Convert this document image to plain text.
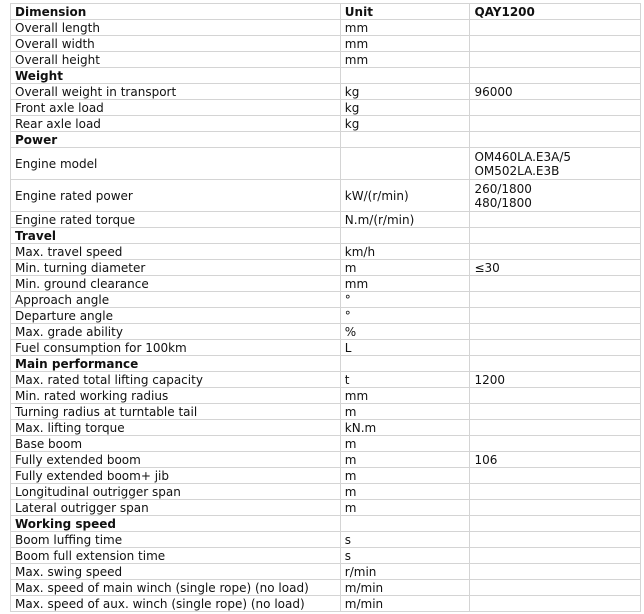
Dimension	Unit	QAY1200
Overall length	mm	

Overall width	mm	

Overall height	mm	

Weight		
Overall weight in transport	kg	96000

Front axle load	kg	

Rear axle load	kg	

Power		
Engine model		OM460LA.E3A/5
OM502LA.E3B

Engine rated power	kW/(r/min)	260/1800
480/1800

Engine rated torque	N.m/(r/min)	

Travel		
Max. travel speed	km/h	

Min. turning diameter	m	≤30

Min. ground clearance	mm	

Approach angle	°	

Departure angle	°	

Max. grade ability	%	

Fuel consumption for 100km	L	

Main performance		
Max. rated total lifting capacity	t	1200

Min. rated working radius	mm	

Turning radius at turntable tail	m	

Max. lifting torque	kN.m	

Base boom	m	

Fully extended boom	m	106

Fully extended boom+ jib	m	

Longitudinal outrigger span	m	

Lateral outrigger span	m	

Working speed		
Boom luffing time	s	

Boom full extension time	s	

Max. swing speed	r/min	

Max. speed of main winch (single rope) (no load)	m/min	

Max. speed of aux. winch (single rope) (no load)	m/min	
